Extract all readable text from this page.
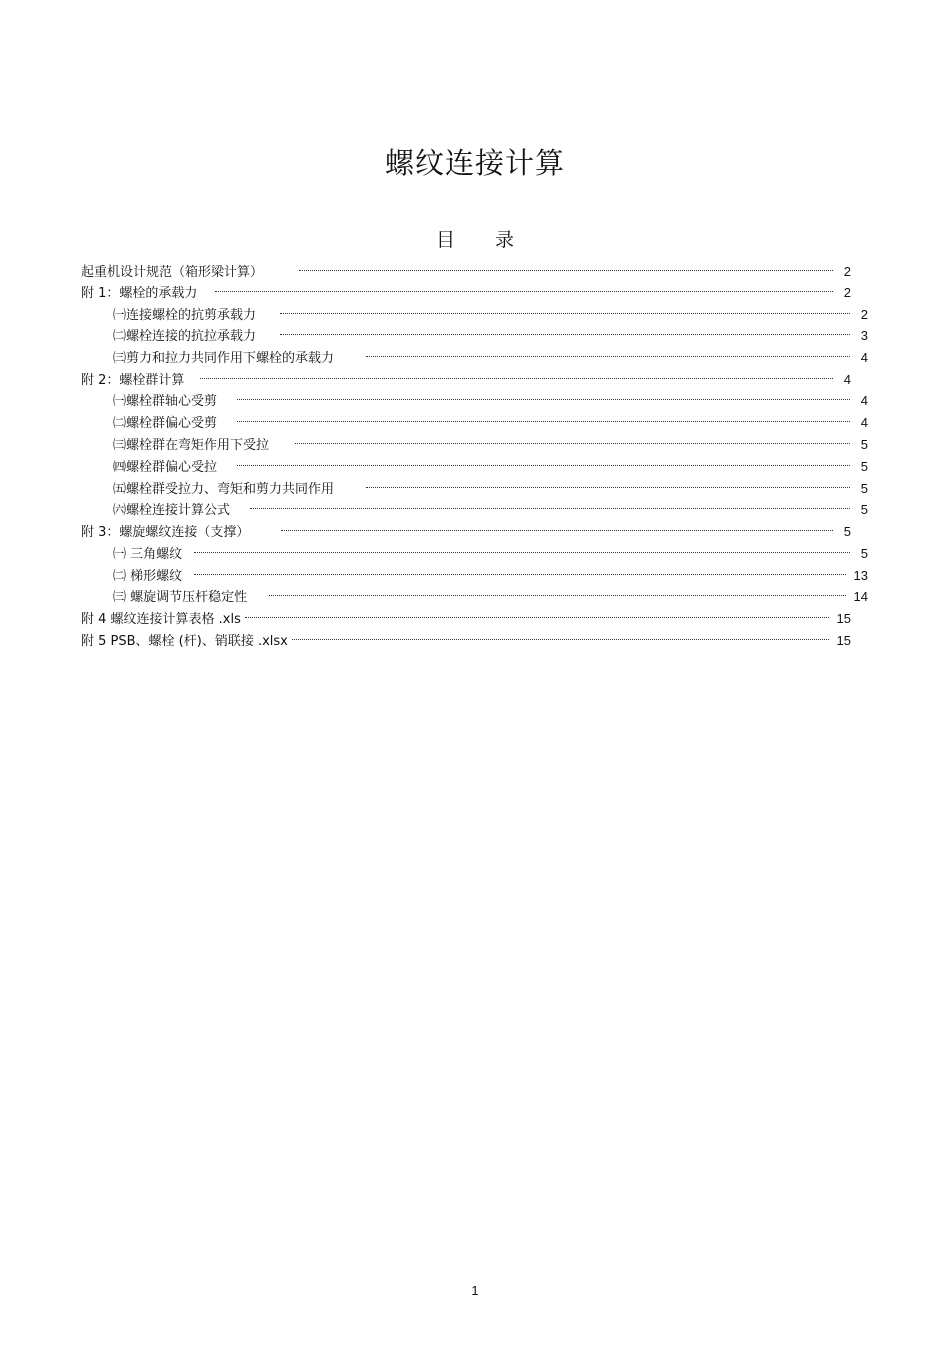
螺纹连接计算
目 录
起重机设计规范（箱形梁计算）	2
附 1：螺栓的承载力	2
㈠连接螺栓的抗剪承载力	2
㈡螺栓连接的抗拉承载力	3
㈢剪力和拉力共同作用下螺栓的承载力	4
附 2：螺栓群计算	4
㈠螺栓群轴心受剪	4
㈡螺栓群偏心受剪	4
㈢螺栓群在弯矩作用下受拉	5
㈣螺栓群偏心受拉	5
㈤螺栓群受拉力、弯矩和剪力共同作用	5
㈥螺栓连接计算公式	5
附 3：螺旋螺纹连接（支撑）	5
㈠ 三角螺纹	5
㈡ 梯形螺纹	13
㈢ 螺旋调节压杆稳定性	14
附 4 螺纹连接计算表格 .xls	15
附 5 PSB、螺栓 (杆)、销联接 .xlsx	15
1
